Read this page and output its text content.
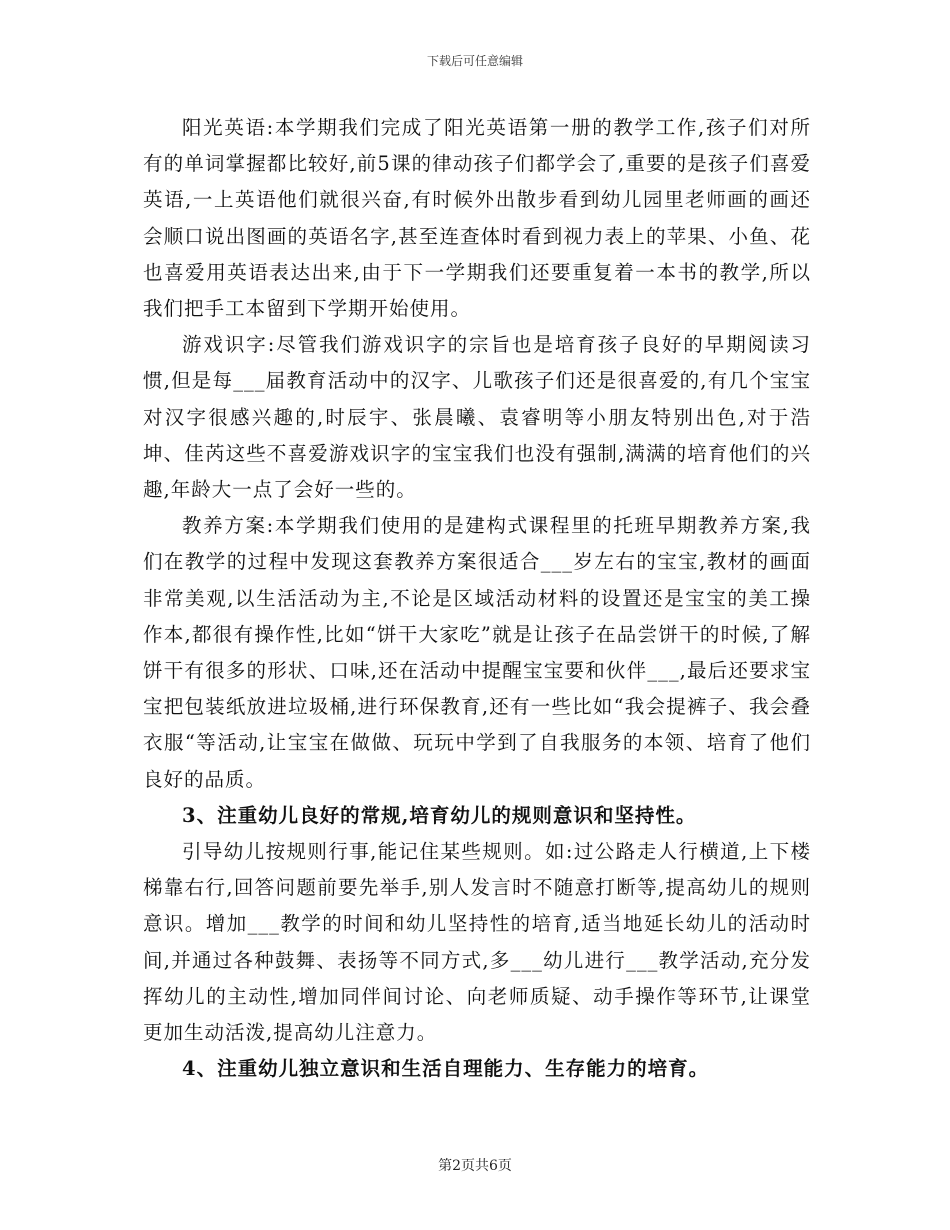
下载后可任意编辑

阳光英语:本学期我们完成了阳光英语第一册的教学工作,孩子们对所有的单词掌握都比较好,前5课的律动孩子们都学会了,重要的是孩子们喜爱英语,一上英语他们就很兴奋,有时候外出散步看到幼儿园里老师画的画还会顺口说出图画的英语名字,甚至连查体时看到视力表上的苹果、小鱼、花也喜爱用英语表达出来,由于下一学期我们还要重复着一本书的教学,所以我们把手工本留到下学期开始使用。

游戏识字:尽管我们游戏识字的宗旨也是培育孩子良好的早期阅读习惯,但是每___届教育活动中的汉字、儿歌孩子们还是很喜爱的,有几个宝宝对汉字很感兴趣的,时辰宇、张晨曦、袁睿明等小朋友特别出色,对于浩坤、佳芮这些不喜爱游戏识字的宝宝我们也没有强制,满满的培育他们的兴趣,年龄大一点了会好一些的。

教养方案:本学期我们使用的是建构式课程里的托班早期教养方案,我们在教学的过程中发现这套教养方案很适合___岁左右的宝宝,教材的画面非常美观,以生活活动为主,不论是区域活动材料的设置还是宝宝的美工操作本,都很有操作性,比如“饼干大家吃”就是让孩子在品尝饼干的时候,了解饼干有很多的形状、口味,还在活动中提醒宝宝要和伙伴___,最后还要求宝宝把包装纸放进垃圾桶,进行环保教育,还有一些比如“我会提裤子、我会叠衣服“等活动,让宝宝在做做、玩玩中学到了自我服务的本领、培育了他们良好的品质。

3、注重幼儿良好的常规,培育幼儿的规则意识和坚持性。

引导幼儿按规则行事,能记住某些规则。如:过公路走人行横道,上下楼梯靠右行,回答问题前要先举手,别人发言时不随意打断等,提高幼儿的规则意识。增加___教学的时间和幼儿坚持性的培育,适当地延长幼儿的活动时间,并通过各种鼓舞、表扬等不同方式,多___幼儿进行___教学活动,充分发挥幼儿的主动性,增加同伴间讨论、向老师质疑、动手操作等环节,让课堂更加生动活泼,提高幼儿注意力。

4、注重幼儿独立意识和生活自理能力、生存能力的培育。

第2页共6页
